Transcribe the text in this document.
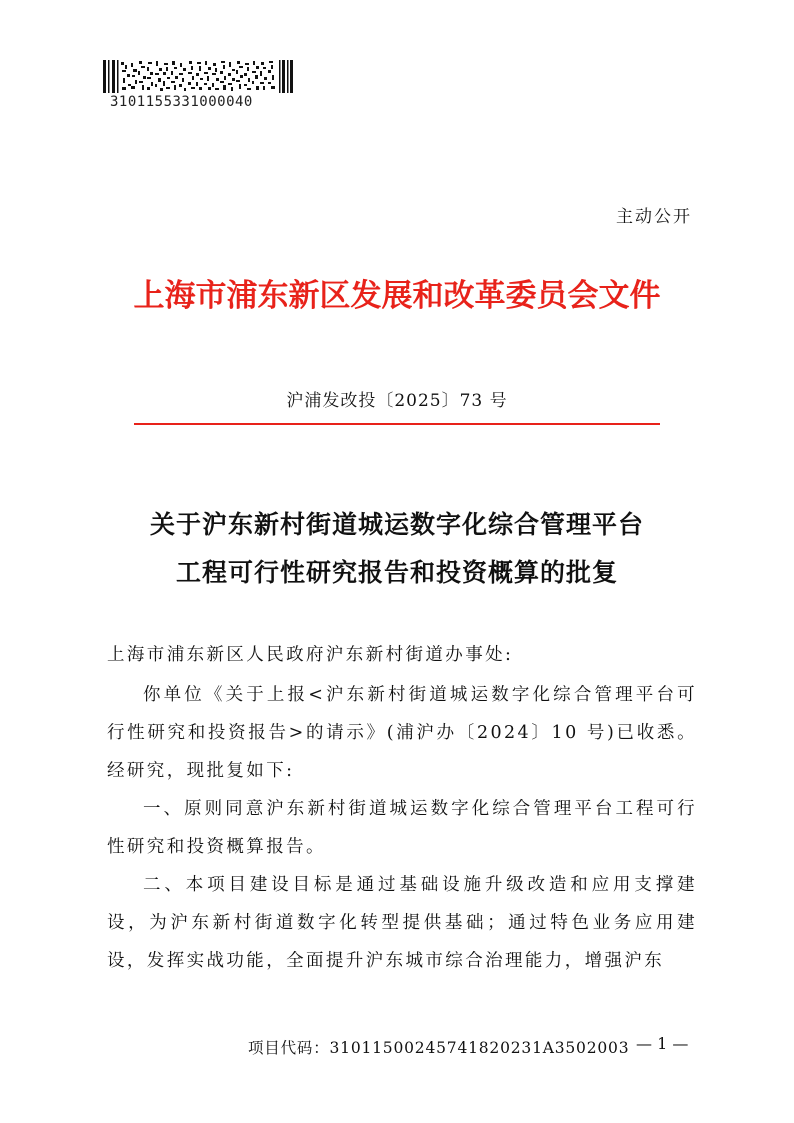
3101155331000040
主动公开
上海市浦东新区发展和改革委员会文件
沪浦发改投〔2025〕73 号
关于沪东新村街道城运数字化综合管理平台
工程可行性研究报告和投资概算的批复
上海市浦东新区人民政府沪东新村街道办事处:
你单位《关于上报<沪东新村街道城运数字化综合管理平台可行性研究和投资报告>的请示》(浦沪办〔2024〕10 号)已收悉。经研究，现批复如下:
一、原则同意沪东新村街道城运数字化综合管理平台工程可行性研究和投资概算报告。
二、本项目建设目标是通过基础设施升级改造和应用支撑建设，为沪东新村街道数字化转型提供基础；通过特色业务应用建设，发挥实战功能，全面提升沪东城市综合治理能力，增强沪东
项目代码：31011500245741820231A3502003 — 1 —
